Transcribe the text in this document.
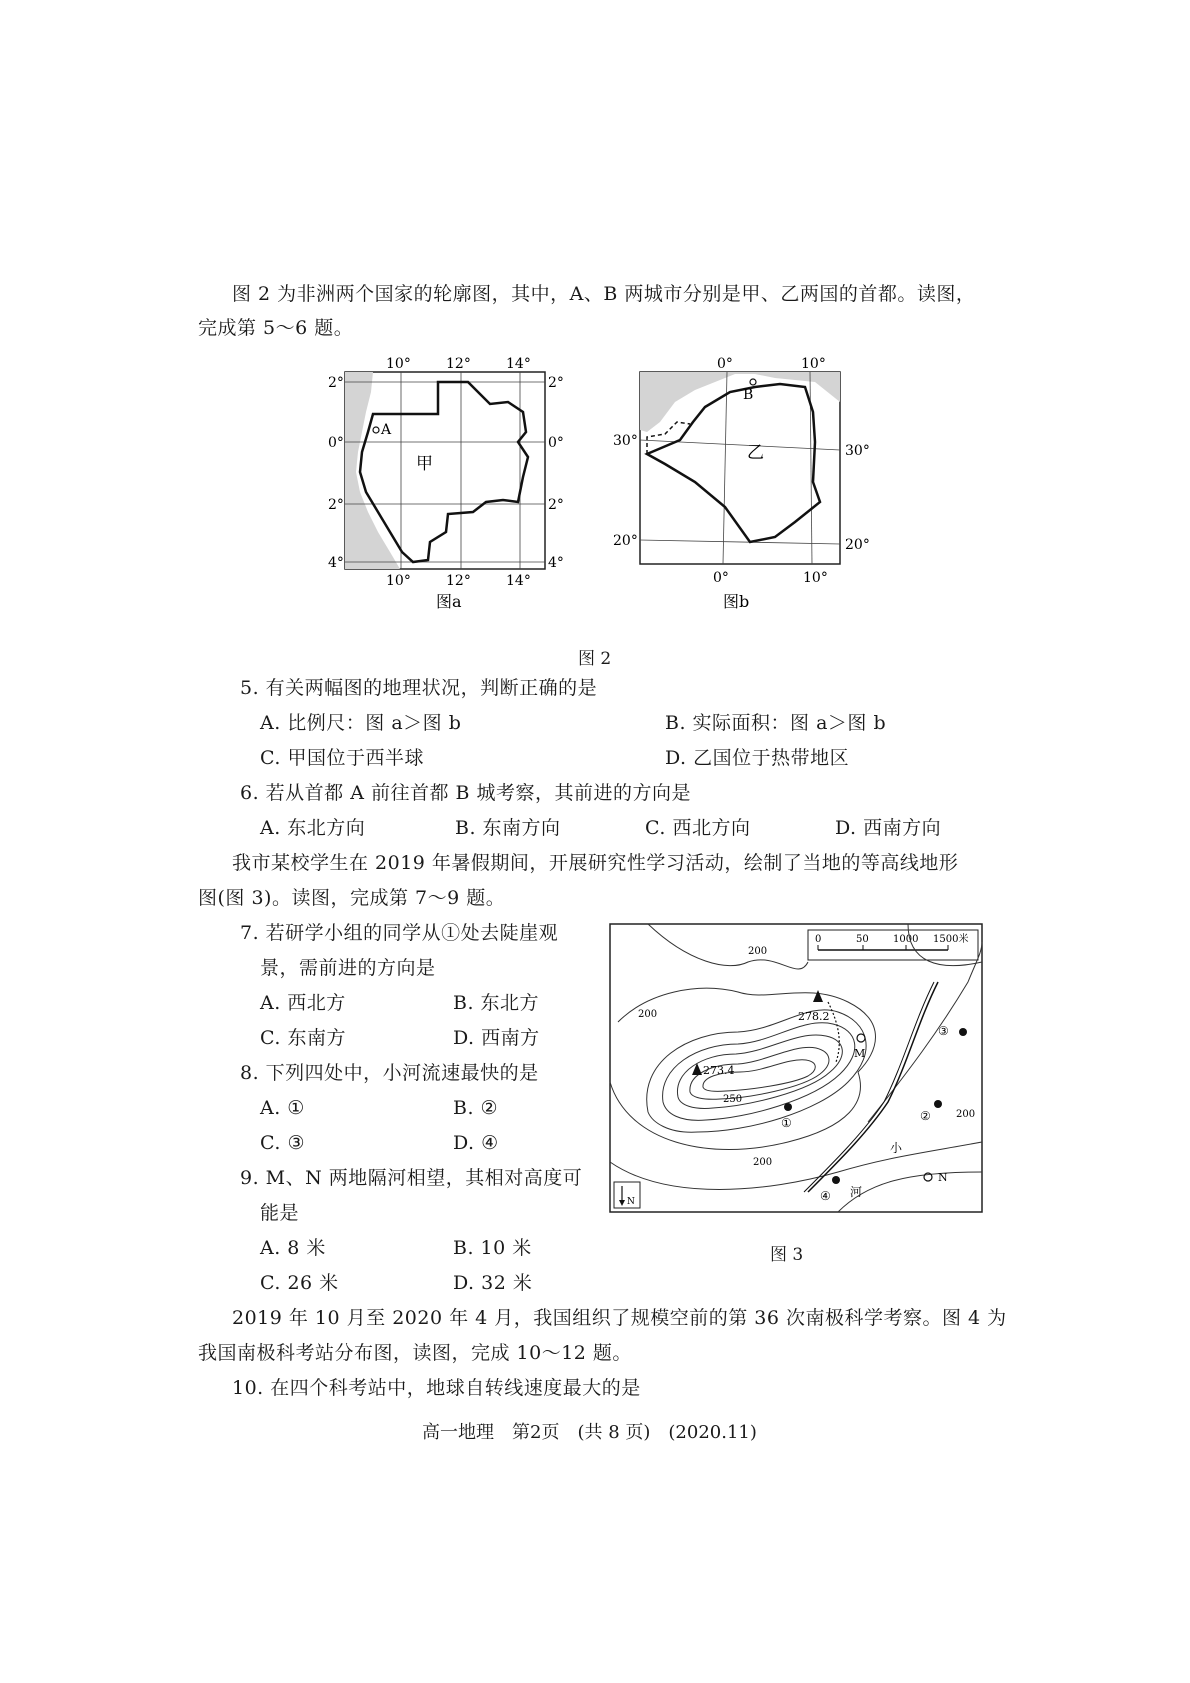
图 2 为非洲两个国家的轮廓图，其中，A、B 两城市分别是甲、乙两国的首都。读图，
完成第 5～6 题。
A
甲
10°	12°	14°
10°	12°	14°
2°
0°
2°
4°
2°
0°
2°
4°
图a
B
乙
0°	10°
0°	10°
30°
20°
30°
20°
图b
图 2
5. 有关两幅图的地理状况，判断正确的是
A. 比例尺：图 a＞图 b	B. 实际面积：图 a＞图 b
C. 甲国位于西半球	D. 乙国位于热带地区
6. 若从首都 A 前往首都 B 城考察，其前进的方向是
A. 东北方向	B. 东南方向	C. 西北方向	D. 西南方向
我市某校学生在 2019 年暑假期间，开展研究性学习活动，绘制了当地的等高线地形
图(图 3)。读图，完成第 7～9 题。
7. 若研学小组的同学从①处去陡崖观
景，需前进的方向是
A. 西北方	B. 东北方
C. 东南方	D. 西南方
8. 下列四处中，小河流速最快的是
A. ①	B. ②
C. ③	D. ④
9. M、N 两地隔河相望，其相对高度可
能是
A. 8 米	B. 10 米
C. 26 米	D. 32 米
0	50 1000 1500米
278.2
273.4
200
250
200
200
200
①	②
③
④
M
N
小
河
N
图 3
2019 年 10 月至 2020 年 4 月，我国组织了规模空前的第 36 次南极科学考察。图 4 为
我国南极科考站分布图，读图，完成 10～12 题。
10. 在四个科考站中，地球自转线速度最大的是
高一地理　第2页　(共 8 页)　(2020.11)
